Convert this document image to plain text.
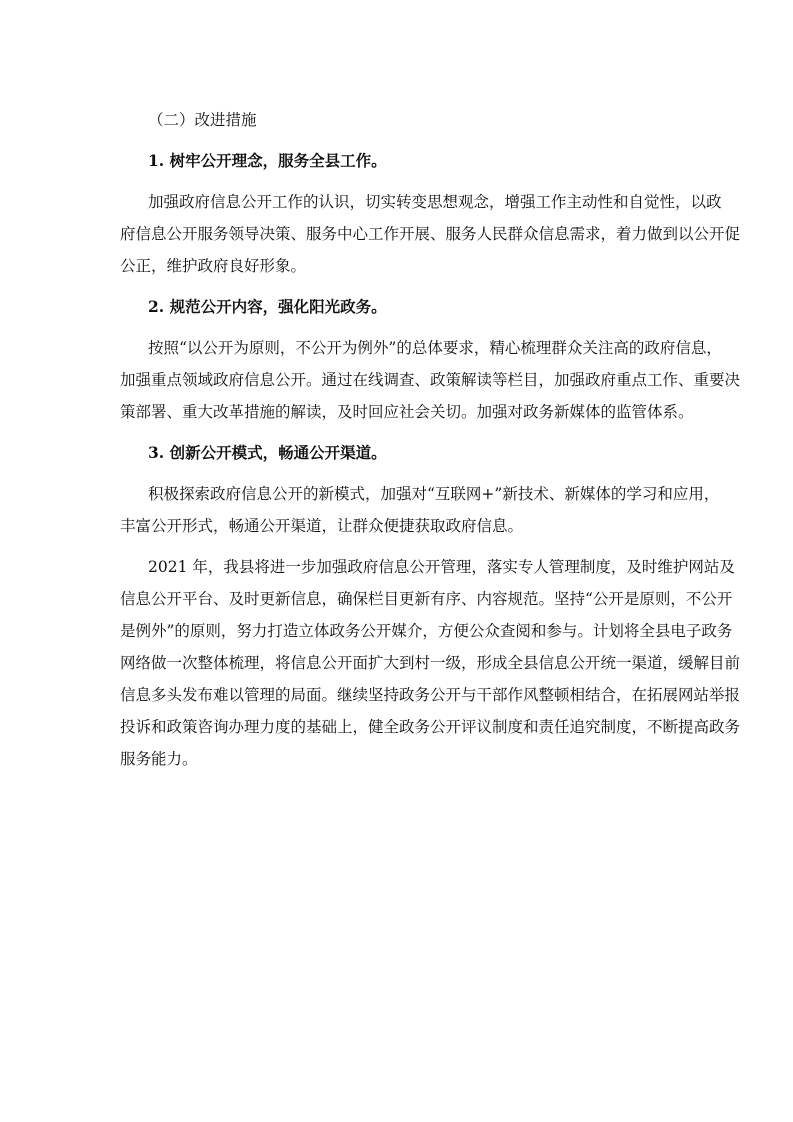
（二）改进措施

1. 树牢公开理念，服务全县工作。

加强政府信息公开工作的认识，切实转变思想观念，增强工作主动性和自觉性，以政

府信息公开服务领导决策、服务中心工作开展、服务人民群众信息需求，着力做到以公开促

公正，维护政府良好形象。

2. 规范公开内容，强化阳光政务。

按照“以公开为原则，不公开为例外”的总体要求，精心梳理群众关注高的政府信息，

加强重点领域政府信息公开。通过在线调查、政策解读等栏目，加强政府重点工作、重要决

策部署、重大改革措施的解读，及时回应社会关切。加强对政务新媒体的监管体系。

3. 创新公开模式，畅通公开渠道。

积极探索政府信息公开的新模式，加强对“互联网+”新技术、新媒体的学习和应用，

丰富公开形式，畅通公开渠道，让群众便捷获取政府信息。

2021 年，我县将进一步加强政府信息公开管理，落实专人管理制度，及时维护网站及

信息公开平台、及时更新信息，确保栏目更新有序、内容规范。坚持“公开是原则，不公开

是例外”的原则，努力打造立体政务公开媒介，方便公众查阅和参与。计划将全县电子政务

网络做一次整体梳理，将信息公开面扩大到村一级，形成全县信息公开统一渠道，缓解目前

信息多头发布难以管理的局面。继续坚持政务公开与干部作风整顿相结合，在拓展网站举报

投诉和政策咨询办理力度的基础上，健全政务公开评议制度和责任追究制度，不断提高政务

服务能力。
